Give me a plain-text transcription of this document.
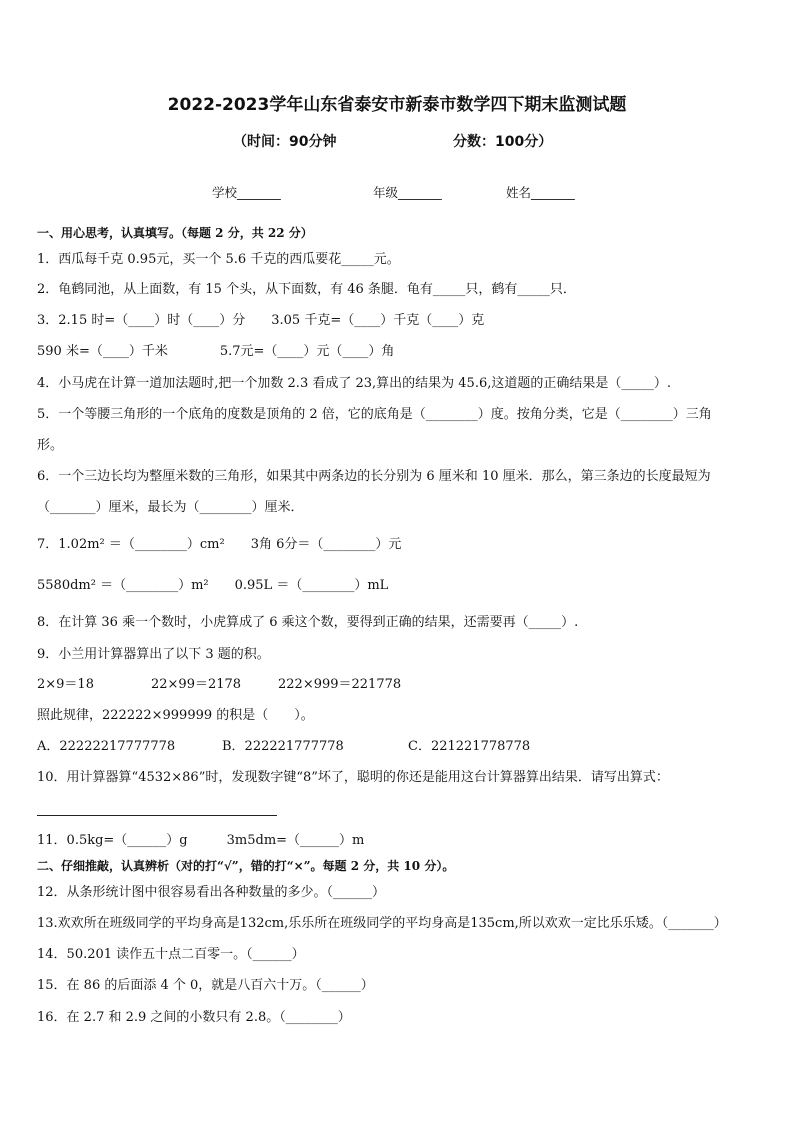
2022-2023学年山东省泰安市新泰市数学四下期末监测试题
（时间：90分钟	分数：100分）
学校_______	年级_______	姓名_______
一、用心思考，认真填写。（每题 2 分，共 22 分）
1．西瓜每千克 0.95元，买一个 5.6 千克的西瓜要花_____元。
2．龟鹤同池，从上面数，有 15 个头，从下面数，有 46 条腿．龟有_____只，鹤有_____只．
3．2.15 时=（____）时（____）分　　3.05 千克=（____）千克（____）克
590 米=（____）千米　　　　5.7元=（____）元（____）角
4．小马虎在计算一道加法题时,把一个加数 2.3 看成了 23,算出的结果为 45.6,这道题的正确结果是（_____）.
5．一个等腰三角形的一个底角的度数是顶角的 2 倍，它的底角是（________）度。按角分类，它是（________）三角
形。
6．一个三边长均为整厘米数的三角形，如果其中两条边的长分别为 6 厘米和 10 厘米．那么，第三条边的长度最短为
（_______）厘米，最长为（________）厘米．
7．1.02m² ＝（________）cm²　　3角 6分＝（________）元
5580dm² ＝（________）m²　　0.95L ＝（________）mL
8．在计算 36 乘一个数时，小虎算成了 6 乘这个数，要得到正确的结果，还需要再（_____）.
9．小兰用计算器算出了以下 3 题的积。
2×9＝18	22×99＝2178	222×999＝221778
照此规律，222222×999999 的积是（　　）。
A．22222217777778	B．222221777778	C．221221778778
10．用计算器算“4532×86”时，发现数字键“8”坏了，聪明的你还是能用这台计算器算出结果．请写出算式：
11．0.5kg=（______）g　　　3m5dm=（______）m
二、仔细推敲，认真辨析（对的打“√”，错的打“×”。每题 2 分，共 10 分）。
12．从条形统计图中很容易看出各种数量的多少。（______）
13.欢欢所在班级同学的平均身高是132cm,乐乐所在班级同学的平均身高是135cm,所以欢欢一定比乐乐矮。（_______）
14．50.201 读作五十点二百零一。（______）
15．在 86 的后面添 4 个 0，就是八百六十万。（______）
16．在 2.7 和 2.9 之间的小数只有 2.8。（________）
